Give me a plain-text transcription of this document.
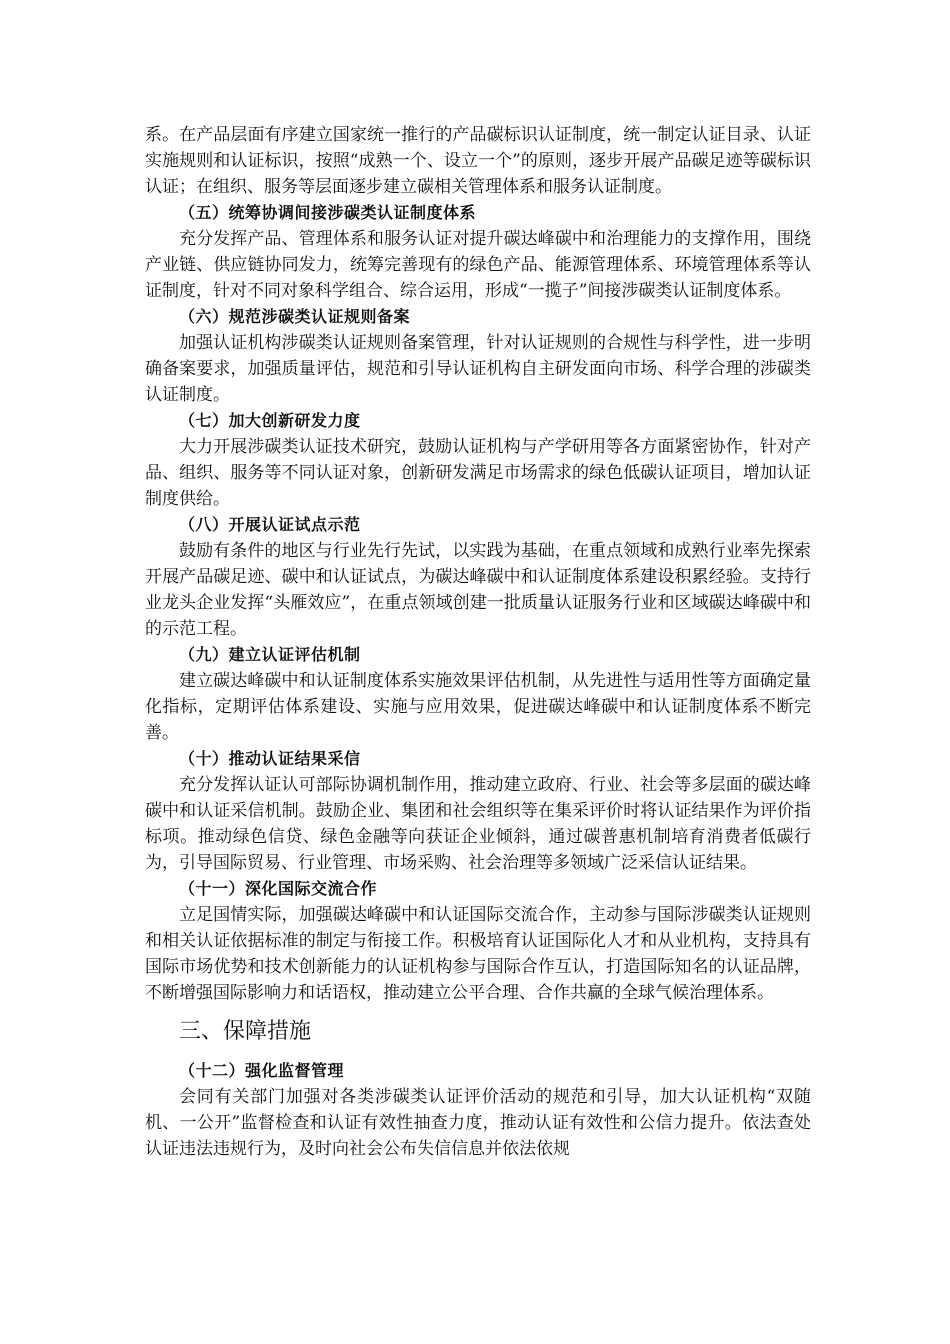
系。在产品层面有序建立国家统一推行的产品碳标识认证制度，统一制定认证目录、认证实施规则和认证标识，按照“成熟一个、设立一个”的原则，逐步开展产品碳足迹等碳标识认证；在组织、服务等层面逐步建立碳相关管理体系和服务认证制度。

（五）统筹协调间接涉碳类认证制度体系

充分发挥产品、管理体系和服务认证对提升碳达峰碳中和治理能力的支撑作用，围绕产业链、供应链协同发力，统筹完善现有的绿色产品、能源管理体系、环境管理体系等认证制度，针对不同对象科学组合、综合运用，形成“一揽子”间接涉碳类认证制度体系。

（六）规范涉碳类认证规则备案

加强认证机构涉碳类认证规则备案管理，针对认证规则的合规性与科学性，进一步明确备案要求，加强质量评估，规范和引导认证机构自主研发面向市场、科学合理的涉碳类认证制度。

（七）加大创新研发力度

大力开展涉碳类认证技术研究，鼓励认证机构与产学研用等各方面紧密协作，针对产品、组织、服务等不同认证对象，创新研发满足市场需求的绿色低碳认证项目，增加认证制度供给。

（八）开展认证试点示范

鼓励有条件的地区与行业先行先试，以实践为基础，在重点领域和成熟行业率先探索开展产品碳足迹、碳中和认证试点，为碳达峰碳中和认证制度体系建设积累经验。支持行业龙头企业发挥“头雁效应”，在重点领域创建一批质量认证服务行业和区域碳达峰碳中和的示范工程。

（九）建立认证评估机制

建立碳达峰碳中和认证制度体系实施效果评估机制，从先进性与适用性等方面确定量化指标，定期评估体系建设、实施与应用效果，促进碳达峰碳中和认证制度体系不断完善。

（十）推动认证结果采信

充分发挥认证认可部际协调机制作用，推动建立政府、行业、社会等多层面的碳达峰碳中和认证采信机制。鼓励企业、集团和社会组织等在集采评价时将认证结果作为评价指标项。推动绿色信贷、绿色金融等向获证企业倾斜，通过碳普惠机制培育消费者低碳行为，引导国际贸易、行业管理、市场采购、社会治理等多领域广泛采信认证结果。

（十一）深化国际交流合作

立足国情实际，加强碳达峰碳中和认证国际交流合作，主动参与国际涉碳类认证规则和相关认证依据标准的制定与衔接工作。积极培育认证国际化人才和从业机构，支持具有国际市场优势和技术创新能力的认证机构参与国际合作互认，打造国际知名的认证品牌，不断增强国际影响力和话语权，推动建立公平合理、合作共赢的全球气候治理体系。

三、保障措施
（十二）强化监督管理

会同有关部门加强对各类涉碳类认证评价活动的规范和引导，加大认证机构“双随机、一公开”监督检查和认证有效性抽查力度，推动认证有效性和公信力提升。依法查处认证违法违规行为，及时向社会公布失信信息并依法依规
